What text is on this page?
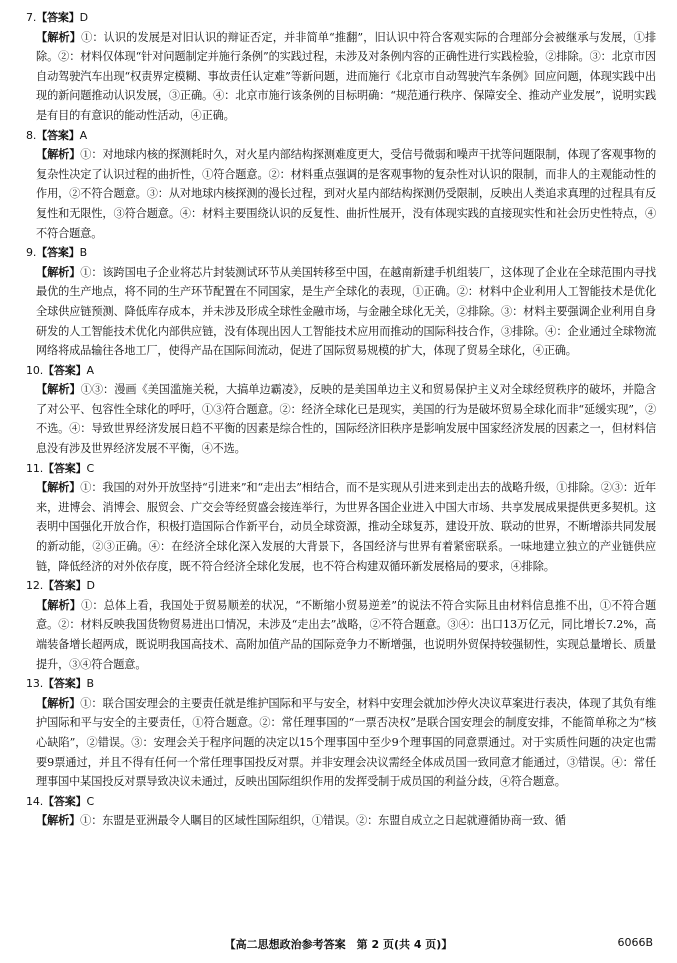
7.【答案】D

【解析】①：认识的发展是对旧认识的辩证否定，并非简单“推翻”，旧认识中符合客观实际的合理部分会被继承与发展，①排除。②：材料仅体现“针对问题制定并施行条例”的实践过程，未涉及对条例内容的正确性进行实践检验，②排除。③：北京市因自动驾驶汽车出现“权责界定模糊、事故责任认定难”等新问题，进而施行《北京市自动驾驶汽车条例》回应问题，体现实践中出现的新问题推动认识发展，③正确。④：北京市施行该条例的目标明确：“规范通行秩序、保障安全、推动产业发展”，说明实践是有目的有意识的能动性活动，④正确。

8.【答案】A

【解析】①：对地球内核的探测耗时久，对火星内部结构探测难度更大，受信号微弱和噪声干扰等问题限制，体现了客观事物的复杂性决定了认识过程的曲折性，①符合题意。②：材料重点强调的是客观事物的复杂性对认识的限制，而非人的主观能动性的作用，②不符合题意。③：从对地球内核探测的漫长过程，到对火星内部结构探测仍受限制，反映出人类追求真理的过程具有反复性和无限性，③符合题意。④：材料主要围绕认识的反复性、曲折性展开，没有体现实践的直接现实性和社会历史性特点，④不符合题意。

9.【答案】B

【解析】①：该跨国电子企业将芯片封装测试环节从美国转移至中国，在越南新建手机组装厂，这体现了企业在全球范围内寻找最优的生产地点，将不同的生产环节配置在不同国家，是生产全球化的表现，①正确。②：材料中企业利用人工智能技术是优化全球供应链预测、降低库存成本，并未涉及形成全球性金融市场，与金融全球化无关，②排除。③：材料主要强调企业利用自身研发的人工智能技术优化内部供应链，没有体现出因人工智能技术应用而推动的国际科技合作，③排除。④：企业通过全球物流网络将成品输往各地工厂，使得产品在国际间流动，促进了国际贸易规模的扩大，体现了贸易全球化，④正确。

10.【答案】A

【解析】①③：漫画《美国滥施关税，大搞单边霸凌》，反映的是美国单边主义和贸易保护主义对全球经贸秩序的破坏，并隐含了对公平、包容性全球化的呼吁，①③符合题意。②：经济全球化已是现实，美国的行为是破坏贸易全球化而非“延缓实现”，②不选。④：导致世界经济发展日趋不平衡的因素是综合性的，国际经济旧秩序是影响发展中国家经济发展的因素之一，但材料信息没有涉及世界经济发展不平衡，④不选。

11.【答案】C

【解析】①：我国的对外开放坚持“引进来”和“走出去”相结合，而不是实现从引进来到走出去的战略升级，①排除。②③：近年来，进博会、消博会、服贸会、广交会等经贸盛会接连举行，为世界各国企业进入中国大市场、共享发展成果提供更多契机。这表明中国强化开放合作，积极打造国际合作新平台，动员全球资源，推动全球复苏，建设开放、联动的世界，不断增添共同发展的新动能，②③正确。④：在经济全球化深入发展的大背景下，各国经济与世界有着紧密联系。一味地建立独立的产业链供应链，降低经济的对外依存度，既不符合经济全球化发展，也不符合构建双循环新发展格局的要求，④排除。

12.【答案】D

【解析】①：总体上看，我国处于贸易顺差的状况，“不断缩小贸易逆差”的说法不符合实际且由材料信息推不出，①不符合题意。②：材料反映我国货物贸易进出口情况，未涉及“走出去”战略，②不符合题意。③④：出口13万亿元，同比增长7.2%，高端装备增长超两成，既说明我国高技术、高附加值产品的国际竞争力不断增强，也说明外贸保持较强韧性，实现总量增长、质量提升，③④符合题意。

13.【答案】B

【解析】①：联合国安理会的主要责任就是维护国际和平与安全，材料中安理会就加沙停火决议草案进行表决，体现了其负有维护国际和平与安全的主要责任，①符合题意。②：常任理事国的“一票否决权”是联合国安理会的制度安排，不能简单称之为“核心缺陷”，②错误。③：安理会关于程序问题的决定以15个理事国中至少9个理事国的同意票通过。对于实质性问题的决定也需要9票通过，并且不得有任何一个常任理事国投反对票。并非安理会决议需经全体成员国一致同意才能通过，③错误。④：常任理事国中某国投反对票导致决议未通过，反映出国际组织作用的发挥受制于成员国的利益分歧，④符合题意。

14.【答案】C

【解析】①：东盟是亚洲最令人瞩目的区域性国际组织，①错误。②：东盟自成立之日起就遵循协商一致、循

【高二思想政治参考答案　第 2 页(共 4 页)】	6066B
